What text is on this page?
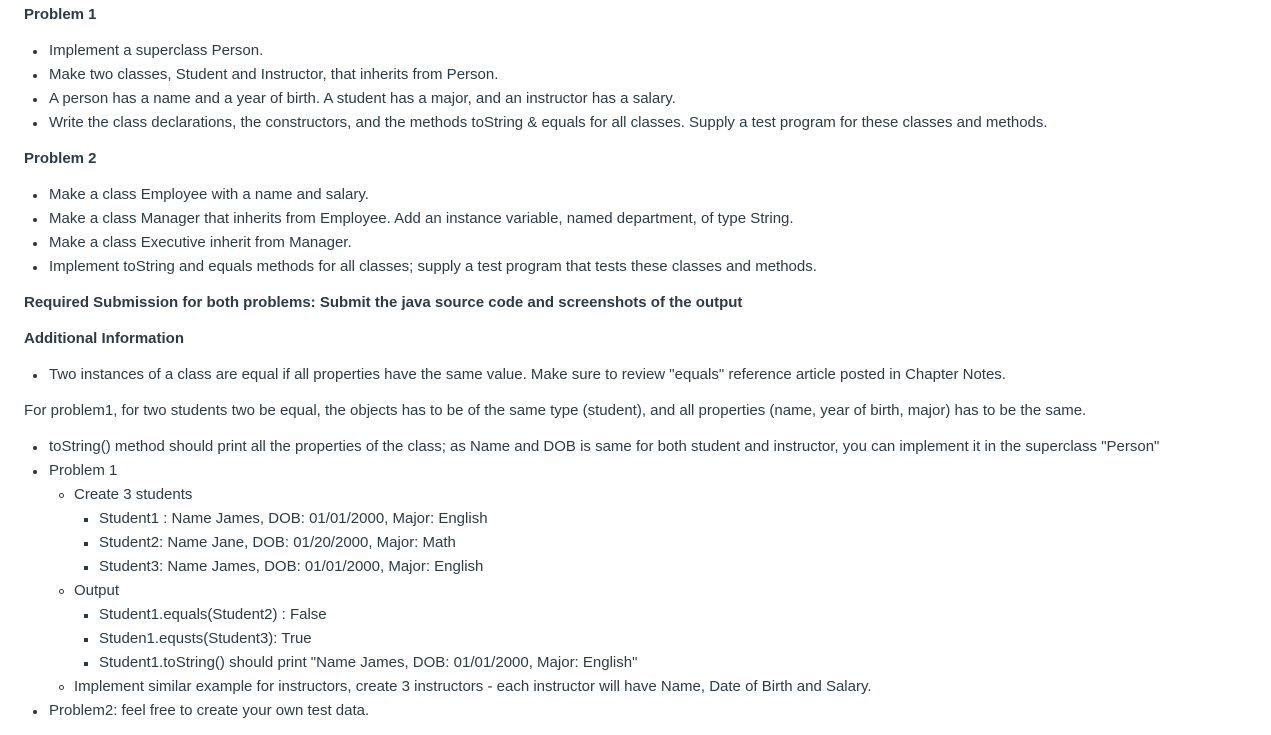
Problem 1
Implement a superclass Person.
Make two classes, Student and Instructor, that inherits from Person.
A person has a name and a year of birth. A student has a major, and an instructor has a salary.
Write the class declarations, the constructors, and the methods toString & equals for all classes. Supply a test program for these classes and methods.
Problem 2
Make a class Employee with a name and salary.
Make a class Manager that inherits from Employee. Add an instance variable, named department, of type String.
Make a class Executive inherit from Manager.
Implement toString and equals methods for all classes; supply a test program that tests these classes and methods.
Required Submission for both problems: Submit the java source code and screenshots of the output
Additional Information
Two instances of a class are equal if all properties have the same value. Make sure to review "equals" reference article posted in Chapter Notes.
For problem1, for two students two be equal, the objects has to be of the same type (student), and all properties (name, year of birth, major) has to be the same.
toString() method should print all the properties of the class; as Name and DOB is same for both student and instructor, you can implement it in the superclass "Person"
Problem 1
Create 3 students
Student1 : Name James, DOB: 01/01/2000, Major: English
Student2: Name Jane, DOB: 01/20/2000, Major: Math
Student3: Name James, DOB: 01/01/2000, Major: English
Output
Student1.equals(Student2) : False
Studen1.equsts(Student3): True
Student1.toString() should print "Name James, DOB: 01/01/2000, Major: English"
Implement similar example for instructors, create 3 instructors - each instructor will have Name, Date of Birth and Salary.
Problem2: feel free to create your own test data.
